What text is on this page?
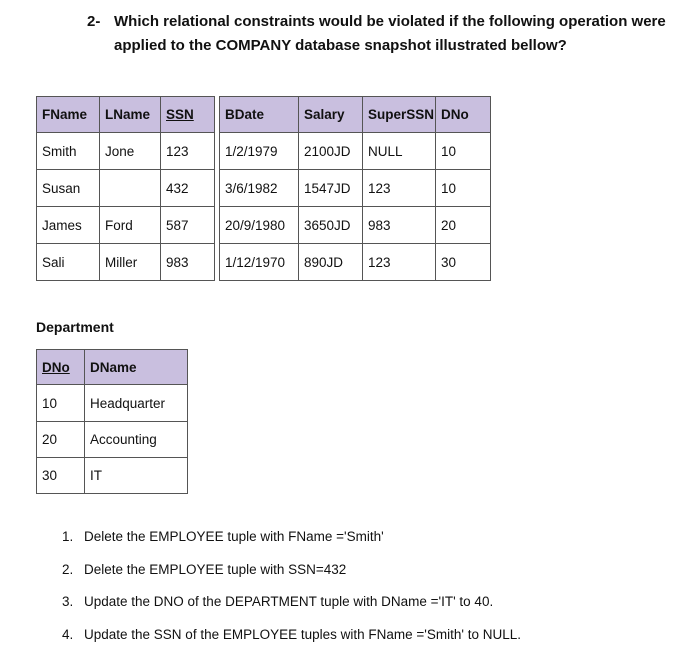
2- Which relational constraints would be violated if the following operation were
applied to the COMPANY database snapshot illustrated bellow?
FName	LName	SSN		BDate	Salary	SuperSSN	DNo
Smith	Jone	123		1/2/1979	2100JD	NULL	10
Susan		432		3/6/1982	1547JD	123	10
James	Ford	587		20/9/1980	3650JD	983	20
Sali	Miller	983		1/12/1970	890JD	123	30
Department
DNo	DName
10	Headquarter
20	Accounting
30	IT
1. Delete the EMPLOYEE tuple with FName ='Smith'
2. Delete the EMPLOYEE tuple with SSN=432
3. Update the DNO of the DEPARTMENT tuple with DName ='IT' to 40.
4. Update the SSN of the EMPLOYEE tuples with FName ='Smith' to NULL.
